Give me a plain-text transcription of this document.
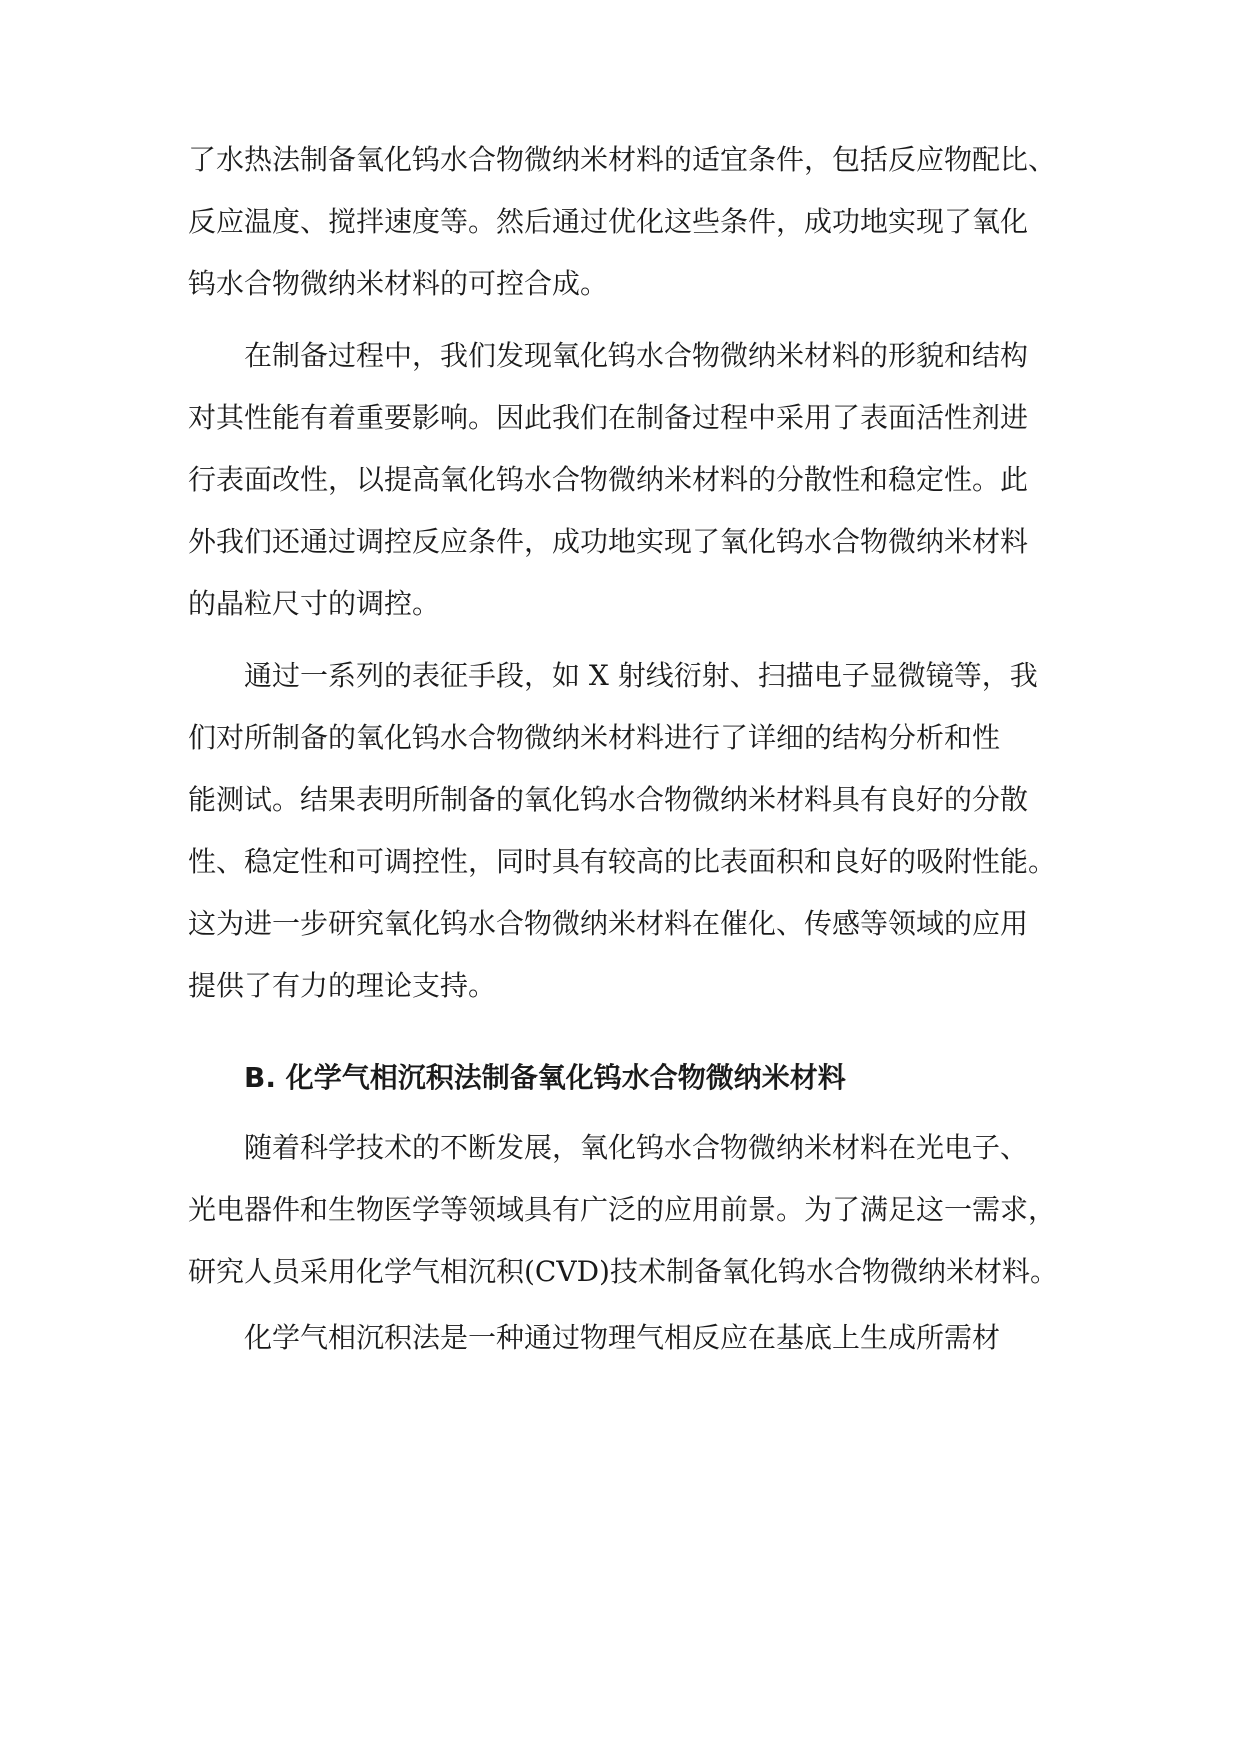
了水热法制备氧化钨水合物微纳米材料的适宜条件，包括反应物配比、
反应温度、搅拌速度等。然后通过优化这些条件，成功地实现了氧化
钨水合物微纳米材料的可控合成。
在制备过程中，我们发现氧化钨水合物微纳米材料的形貌和结构
对其性能有着重要影响。因此我们在制备过程中采用了表面活性剂进
行表面改性，以提高氧化钨水合物微纳米材料的分散性和稳定性。此
外我们还通过调控反应条件，成功地实现了氧化钨水合物微纳米材料
的晶粒尺寸的调控。
通过一系列的表征手段，如 X 射线衍射、扫描电子显微镜等，我
们对所制备的氧化钨水合物微纳米材料进行了详细的结构分析和性
能测试。结果表明所制备的氧化钨水合物微纳米材料具有良好的分散
性、稳定性和可调控性，同时具有较高的比表面积和良好的吸附性能。
这为进一步研究氧化钨水合物微纳米材料在催化、传感等领域的应用
提供了有力的理论支持。
B. 化学气相沉积法制备氧化钨水合物微纳米材料
随着科学技术的不断发展，氧化钨水合物微纳米材料在光电子、
光电器件和生物医学等领域具有广泛的应用前景。为了满足这一需求，
研究人员采用化学气相沉积(CVD)技术制备氧化钨水合物微纳米材料。
化学气相沉积法是一种通过物理气相反应在基底上生成所需材
